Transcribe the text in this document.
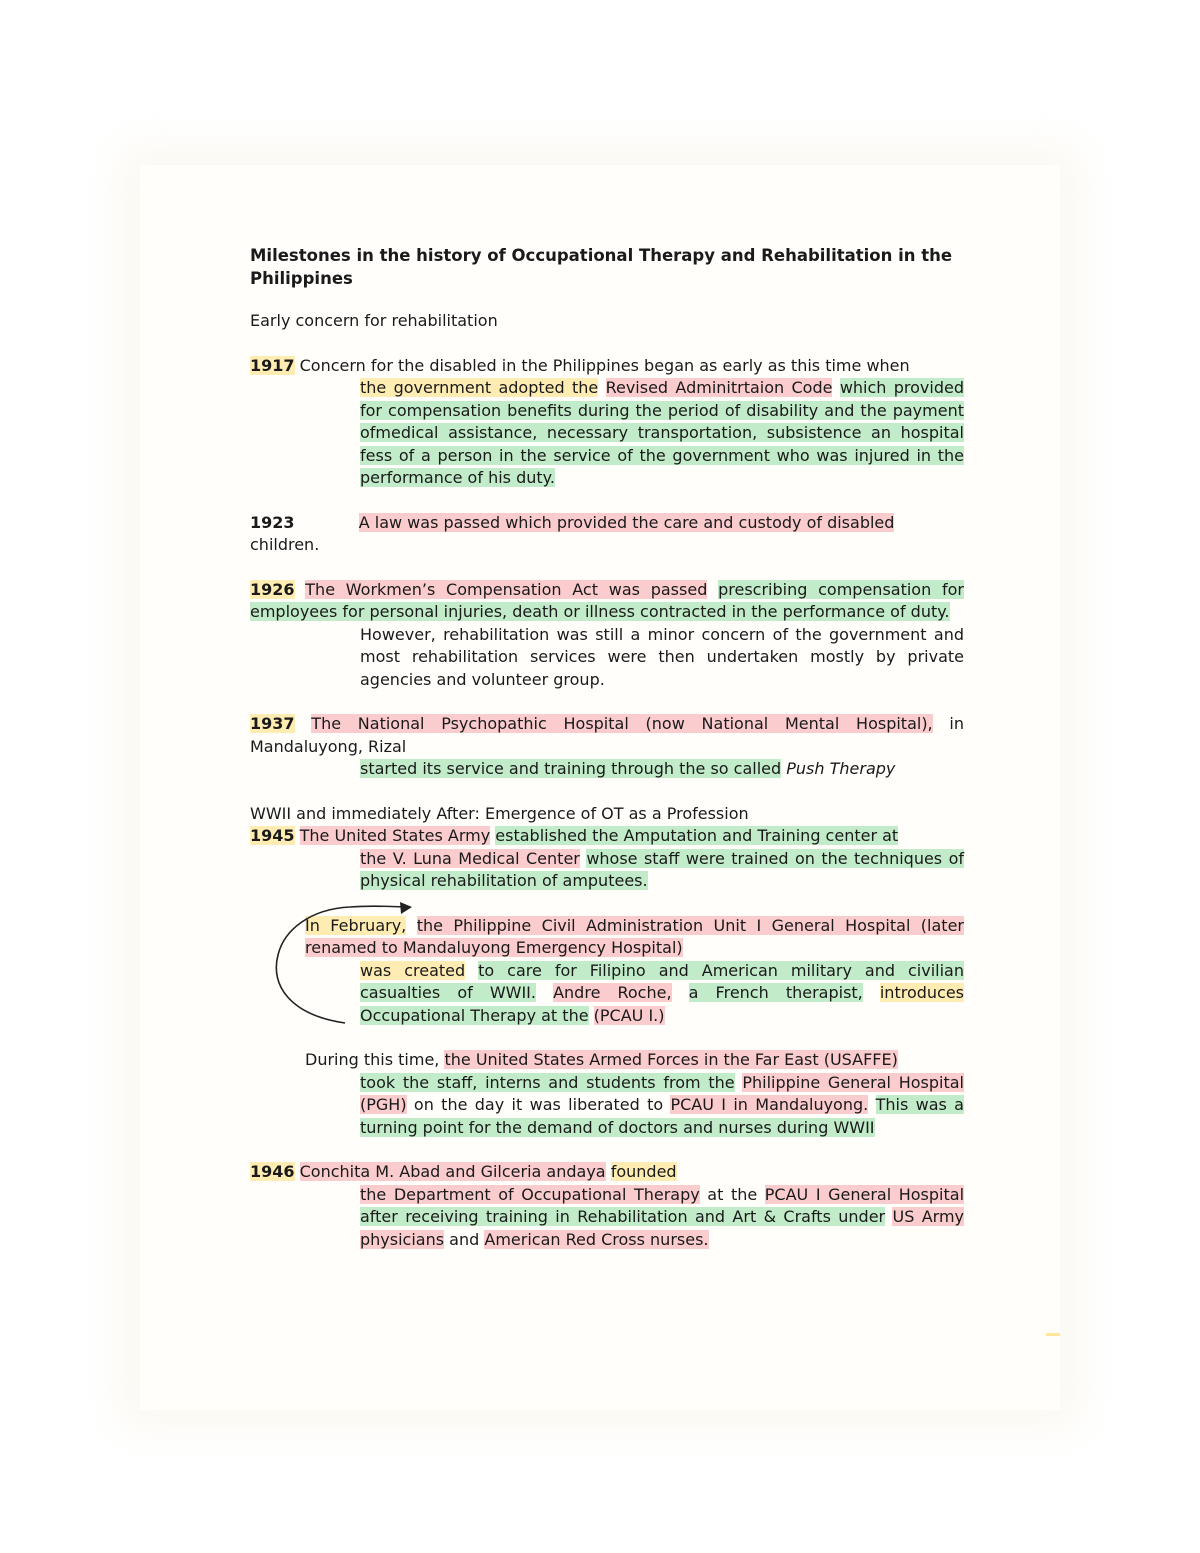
Milestones in the history of Occupational Therapy and Rehabilitation in the Philippines

Early concern for rehabilitation

1917 Concern for the disabled in the Philippines began as early as this time when
the government adopted the Revised Adminitrtaion Code which provided for compensation benefits during the period of disability and the payment ofmedical assistance, necessary transportation, subsistence an hospital fess of a person in the service of the government who was injured in the performance of his duty.
1923	A law was passed which provided the care and custody of disabled
children.
1926 The Workmen’s Compensation Act was passed prescribing compensation for employees for personal injuries, death or illness contracted in the performance of duty.
However, rehabilitation was still a minor concern of the government and most rehabilitation services were then undertaken mostly by private agencies and volunteer group.
1937 The National Psychopathic Hospital (now National Mental Hospital), in Mandaluyong, Rizal
started its service and training through the so called Push Therapy

WWII and immediately After: Emergence of OT as a Profession

1945 The United States Army established the Amputation and Training center at
the V. Luna Medical Center whose staff were trained on the techniques of physical rehabilitation of amputees.
In February, the Philippine Civil Administration Unit I General Hospital (later renamed to Mandaluyong Emergency Hospital)
was created to care for Filipino and American military and civilian casualties of WWII. Andre Roche, a French therapist, introduces Occupational Therapy at the (PCAU I.)
During this time, the United States Armed Forces in the Far East (USAFFE)
took the staff, interns and students from the Philippine General Hospital (PGH) on the day it was liberated to PCAU I in Mandaluyong. This was a turning point for the demand of doctors and nurses during WWII
1946 Conchita M. Abad and Gilceria andaya founded
the Department of Occupational Therapy at the PCAU I General Hospital after receiving training in Rehabilitation and Art & Crafts under US Army physicians and American Red Cross nurses.
